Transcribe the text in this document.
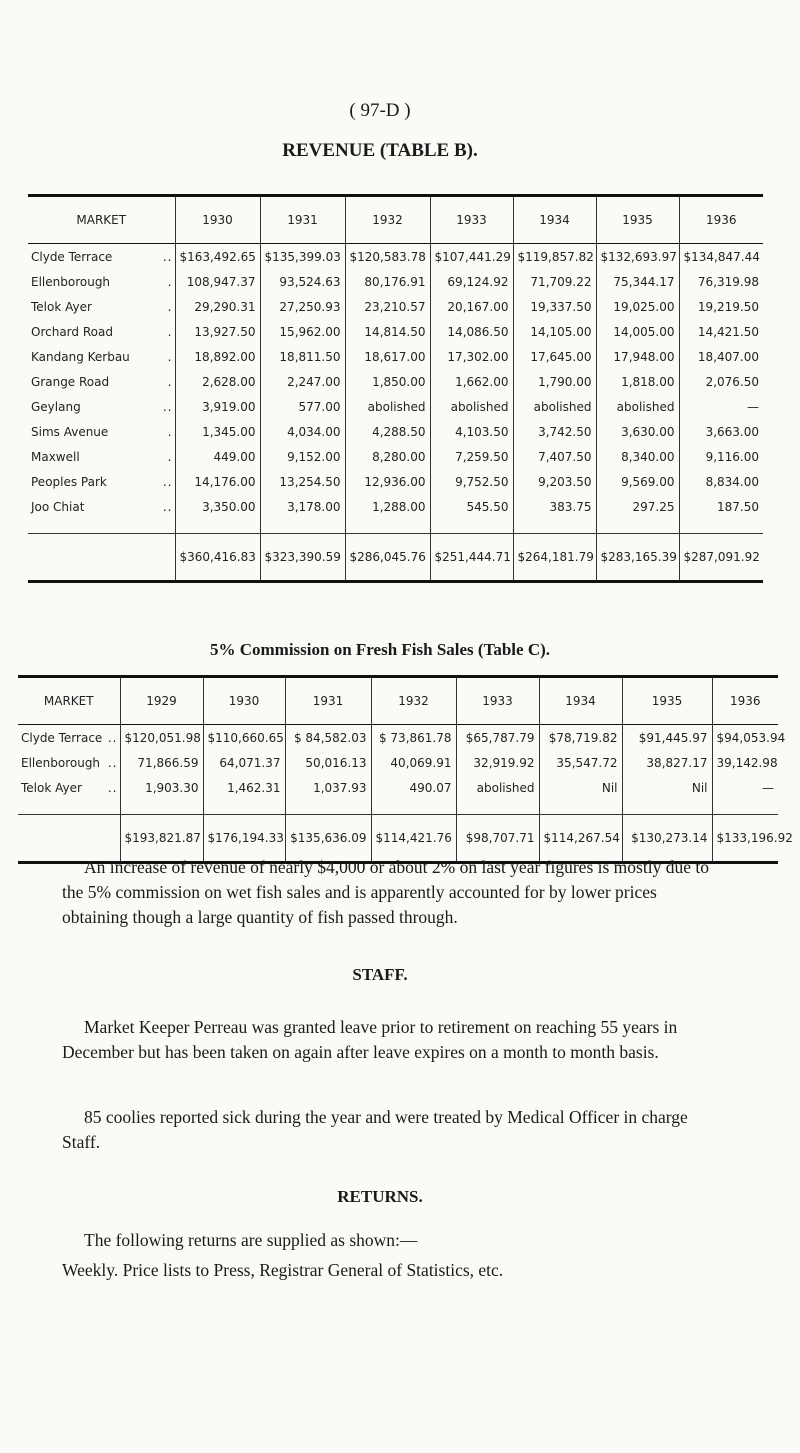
( 97-D )
REVENUE (TABLE B).
MARKET		1930	1931	1932	1933	1934	1935	1936
Clyde Terrace	..	$163,492.65	$135,399.03	$120,583.78	$107,441.29	$119,857.82	$132,693.97	$134,847.44
Ellenborough	.	108,947.37	93,524.63	80,176.91	69,124.92	71,709.22	75,344.17	76,319.98
Telok Ayer	.	29,290.31	27,250.93	23,210.57	20,167.00	19,337.50	19,025.00	19,219.50
Orchard Road	.	13,927.50	15,962.00	14,814.50	14,086.50	14,105.00	14,005.00	14,421.50
Kandang Kerbau	.	18,892.00	18,811.50	18,617.00	17,302.00	17,645.00	17,948.00	18,407.00
Grange Road	.	2,628.00	2,247.00	1,850.00	1,662.00	1,790.00	1,818.00	2,076.50
Geylang	..	3,919.00	577.00	abolished	abolished	abolished	abolished	—
Sims Avenue	.	1,345.00	4,034.00	4,288.50	4,103.50	3,742.50	3,630.00	3,663.00
Maxwell	.	449.00	9,152.00	8,280.00	7,259.50	7,407.50	8,340.00	9,116.00
Peoples Park	..	14,176.00	13,254.50	12,936.00	9,752.50	9,203.50	9,569.00	8,834.00
Joo Chiat	..	3,350.00	3,178.00	1,288.00	545.50	383.75	297.25	187.50
		$360,416.83	$323,390.59	$286,045.76	$251,444.71	$264,181.79	$283,165.39	$287,091.92
5% Commission on Fresh Fish Sales (Table C).
MARKET		1929	1930	1931	1932	1933	1934	1935	1936
Clyde Terrace	..	$120,051.98	$110,660.65	$ 84,582.03	$ 73,861.78	$65,787.79	$78,719.82	$91,445.97	$94,053.94
Ellenborough	..	71,866.59	64,071.37	50,016.13	40,069.91	32,919.92	35,547.72	38,827.17	39,142.98
Telok Ayer	..	1,903.30	1,462.31	1,037.93	490.07	abolished	Nil	Nil	—
		$193,821.87	$176,194.33	$135,636.09	$114,421.76	$98,707.71	$114,267.54	$130,273.14	$133,196.92

An increase of revenue of nearly $4,000 or about 2% on last year figures is mostly due to the 5% commission on wet fish sales and is apparently accounted for by lower prices obtaining though a large quantity of fish passed through.

STAFF.

Market Keeper Perreau was granted leave prior to retirement on reaching 55 years in December but has been taken on again after leave expires on a month to month basis.

85 coolies reported sick during the year and were treated by Medical Officer in charge Staff.

RETURNS.

The following returns are supplied as shown:—

Weekly. Price lists to Press, Registrar General of Statistics, etc.
